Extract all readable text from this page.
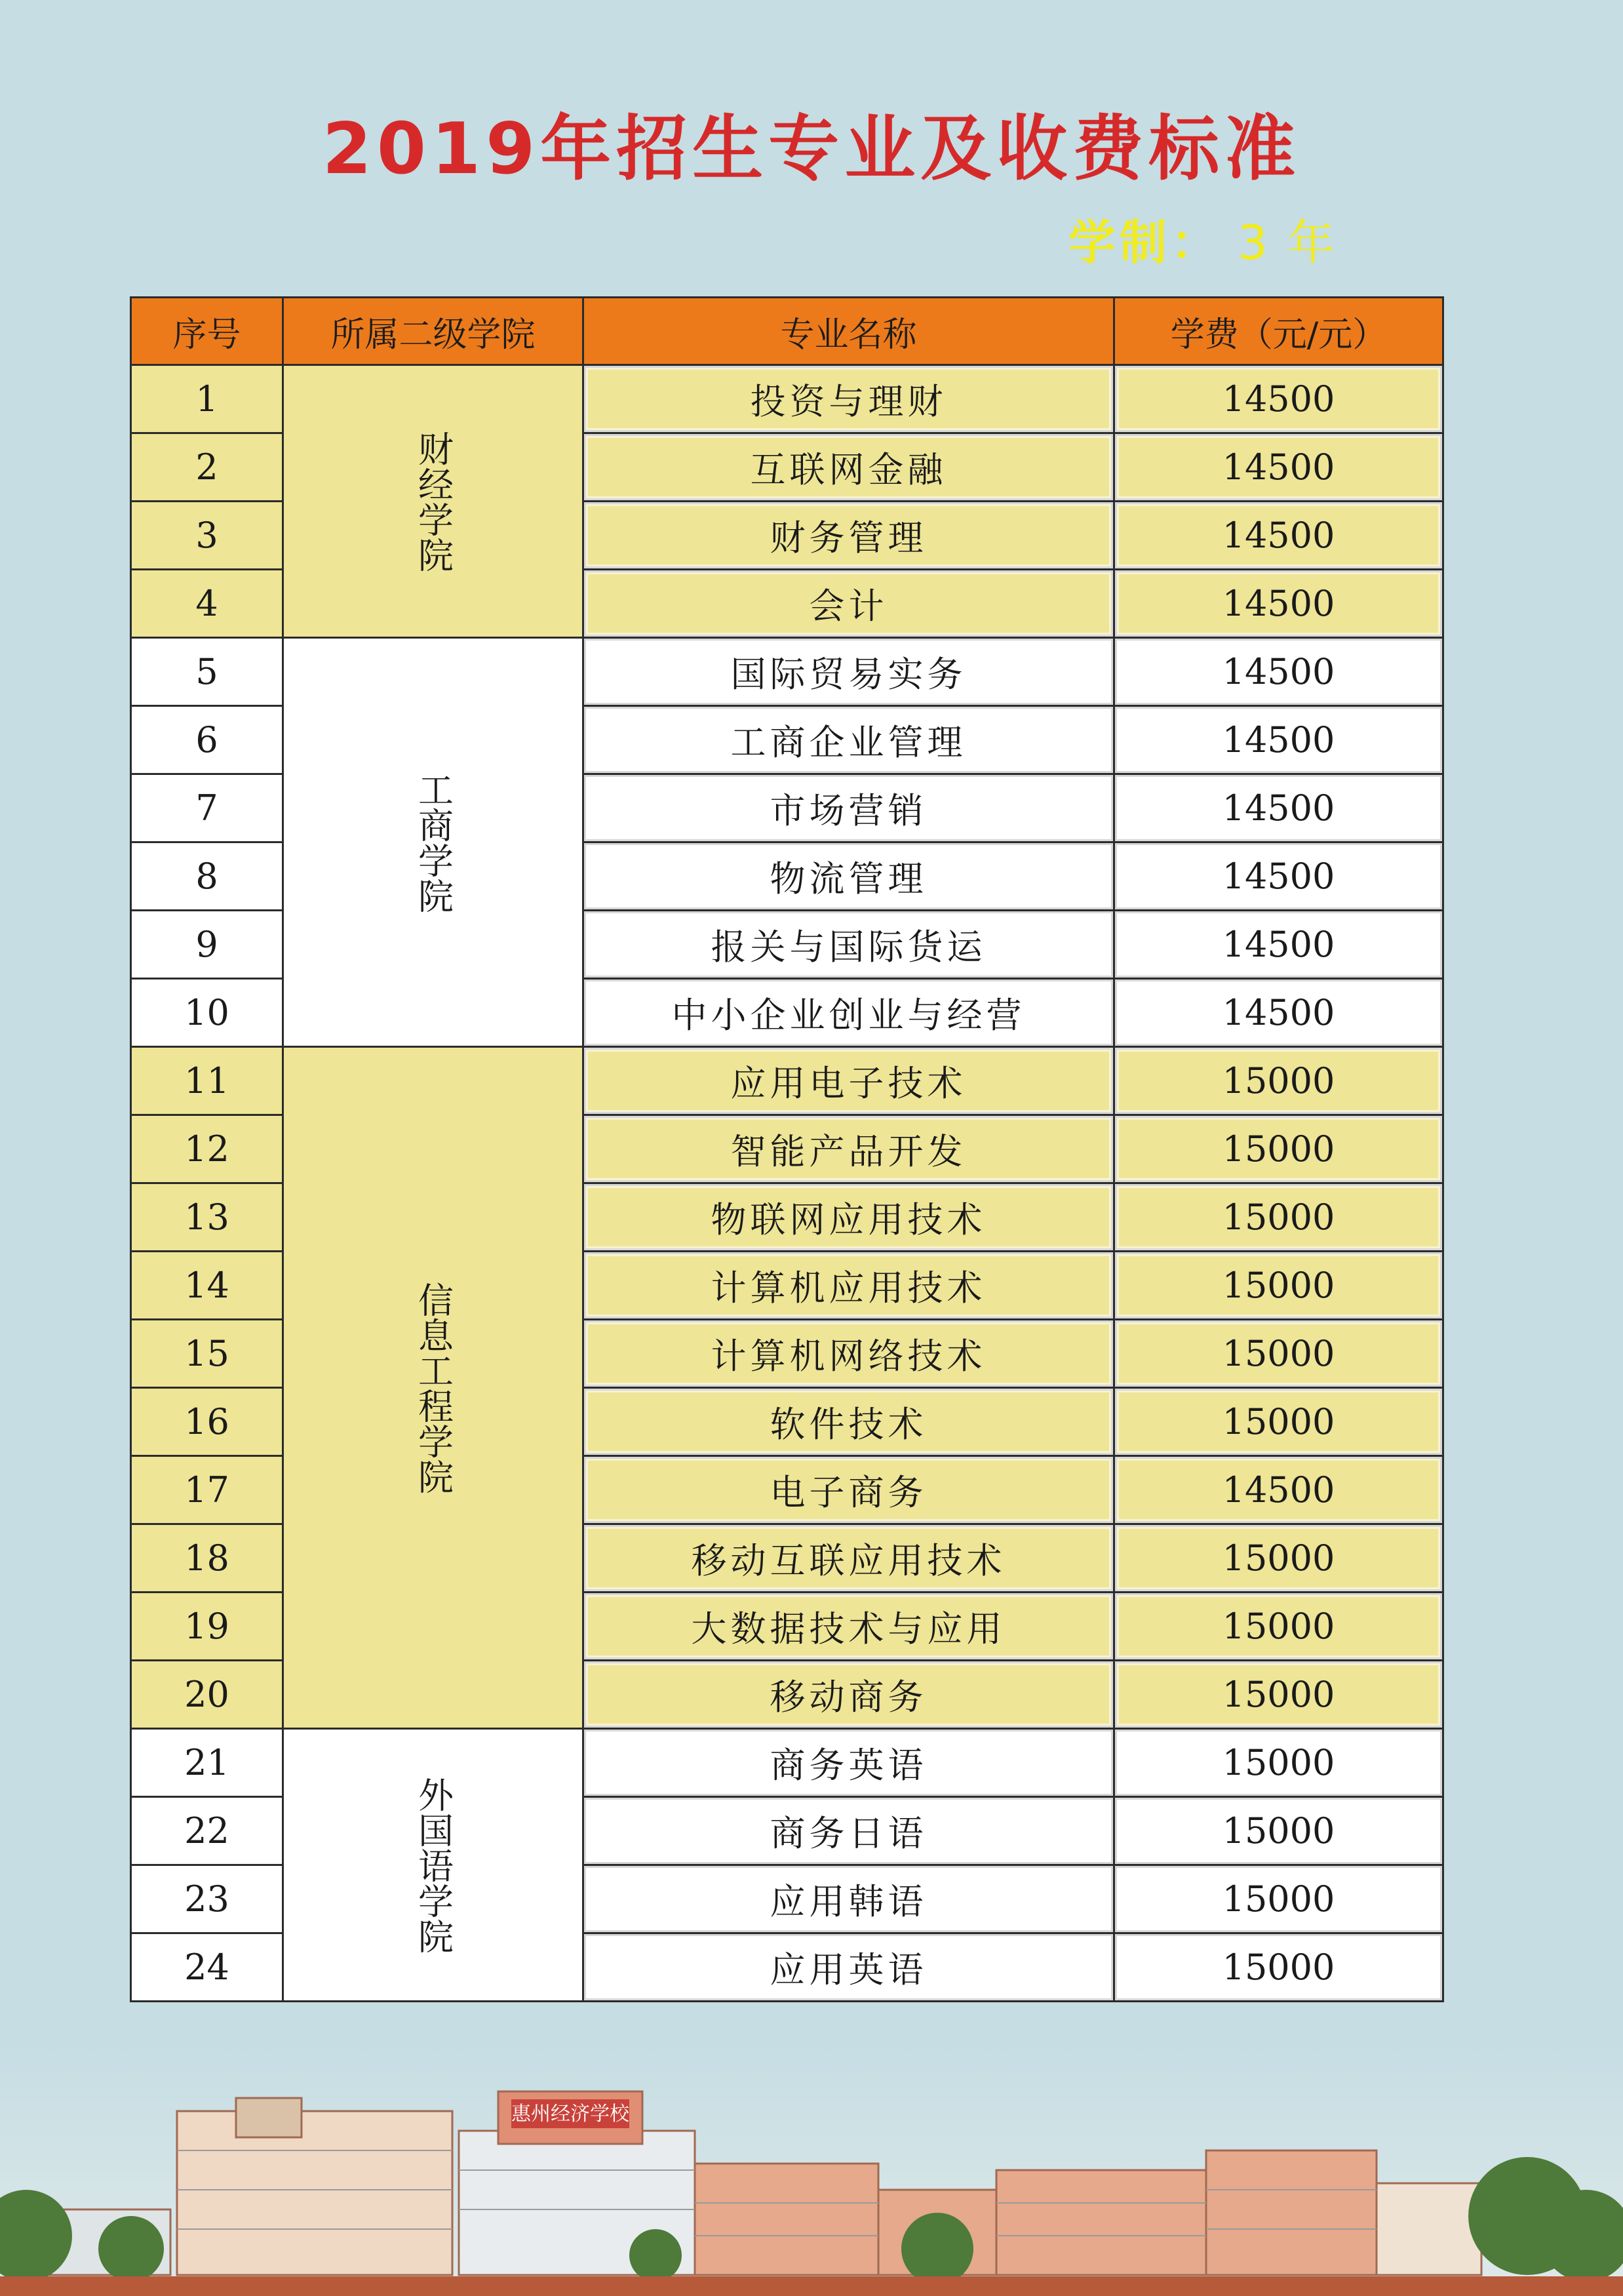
2019年招生专业及收费标准
学制： 3 年
序号	所属二级学院	专业名称	学费（元/元）
1	财经学院	投资与理财	14500
2		互联网金融	14500
3		财务管理	14500
4		会计	14500
5	工商学院	国际贸易实务	14500
6		工商企业管理	14500
7		市场营销	14500
8		物流管理	14500
9		报关与国际货运	14500
10		中小企业创业与经营	14500
11	信息工程学院	应用电子技术	15000
12		智能产品开发	15000
13		物联网应用技术	15000
14		计算机应用技术	15000
15		计算机网络技术	15000
16		软件技术	15000
17		电子商务	14500
18		移动互联应用技术	15000
19		大数据技术与应用	15000
20		移动商务	15000
21	外国语学院	商务英语	15000
22		商务日语	15000
23		应用韩语	15000
24		应用英语	15000
惠州经济学校
